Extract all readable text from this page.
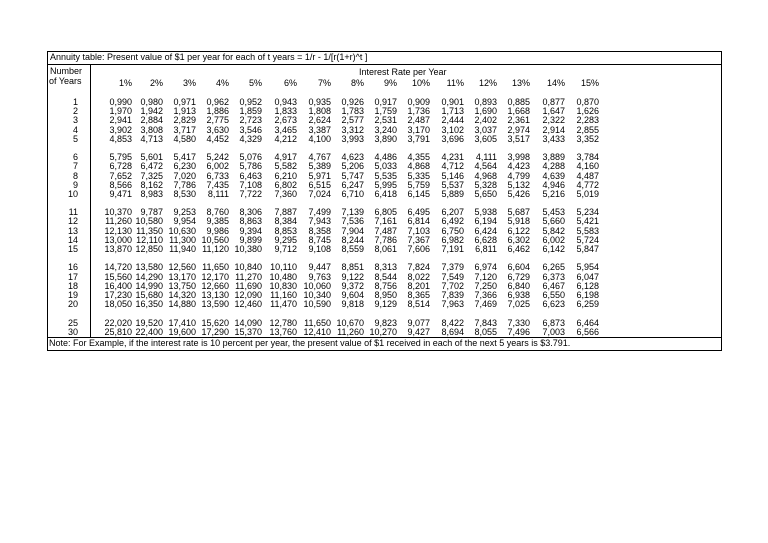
Annuity table: Present value of $1 per year for each of t years = 1/r - 1/[r(1+r)^t ]
Number
of Years
Interest Rate per Year
1% 2% 3% 4% 5% 6% 7% 8% 9% 10% 11% 12% 13% 14% 15%
1	0,990 0,980 0,971 0,962 0,952 0,943 0,935 0,926 0,917 0,909 0,901 0,893 0,885 0,877 0,870
2	1,970 1,942 1,913 1,886 1,859 1,833 1,808 1,783 1,759 1,736 1,713 1,690 1,668 1,647 1,626
3	2,941 2,884 2,829 2,775 2,723 2,673 2,624 2,577 2,531 2,487 2,444 2,402 2,361 2,322 2,283
4	3,902 3,808 3,717 3,630 3,546 3,465 3,387 3,312 3,240 3,170 3,102 3,037 2,974 2,914 2,855
5	4,853 4,713 4,580 4,452 4,329 4,212 4,100 3,993 3,890 3,791 3,696 3,605 3,517 3,433 3,352
6	5,795 5,601 5,417 5,242 5,076 4,917 4,767 4,623 4,486 4,355 4,231 4,111 3,998 3,889 3,784
7	6,728 6,472 6,230 6,002 5,786 5,582 5,389 5,206 5,033 4,868 4,712 4,564 4,423 4,288 4,160
8	7,652 7,325 7,020 6,733 6,463 6,210 5,971 5,747 5,535 5,335 5,146 4,968 4,799 4,639 4,487
9	8,566 8,162 7,786 7,435 7,108 6,802 6,515 6,247 5,995 5,759 5,537 5,328 5,132 4,946 4,772
10	9,471 8,983 8,530 8,111 7,722 7,360 7,024 6,710 6,418 6,145 5,889 5,650 5,426 5,216 5,019
11	10,370 9,787 9,253 8,760 8,306 7,887 7,499 7,139 6,805 6,495 6,207 5,938 5,687 5,453 5,234
12	11,260 10,580 9,954 9,385 8,863 8,384 7,943 7,536 7,161 6,814 6,492 6,194 5,918 5,660 5,421
13	12,130 11,350 10,630 9,986 9,394 8,853 8,358 7,904 7,487 7,103 6,750 6,424 6,122 5,842 5,583
14	13,000 12,110 11,300 10,560 9,899 9,295 8,745 8,244 7,786 7,367 6,982 6,628 6,302 6,002 5,724
15	13,870 12,850 11,940 11,120 10,380 9,712 9,108 8,559 8,061 7,606 7,191 6,811 6,462 6,142 5,847
16	14,720 13,580 12,560 11,650 10,840 10,110 9,447 8,851 8,313 7,824 7,379 6,974 6,604 6,265 5,954
17	15,560 14,290 13,170 12,170 11,270 10,480 9,763 9,122 8,544 8,022 7,549 7,120 6,729 6,373 6,047
18	16,400 14,990 13,750 12,660 11,690 10,830 10,060 9,372 8,756 8,201 7,702 7,250 6,840 6,467 6,128
19	17,230 15,680 14,320 13,130 12,090 11,160 10,340 9,604 8,950 8,365 7,839 7,366 6,938 6,550 6,198
20	18,050 16,350 14,880 13,590 12,460 11,470 10,590 9,818 9,129 8,514 7,963 7,469 7,025 6,623 6,259
25	22,020 19,520 17,410 15,620 14,090 12,780 11,650 10,670 9,823 9,077 8,422 7,843 7,330 6,873 6,464
30	25,810 22,400 19,600 17,290 15,370 13,760 12,410 11,260 10,270 9,427 8,694 8,055 7,496 7,003 6,566
Note: For Example, if the interest rate is 10 percent per year, the present value of $1 received in each of the next 5 years is $3.791.
